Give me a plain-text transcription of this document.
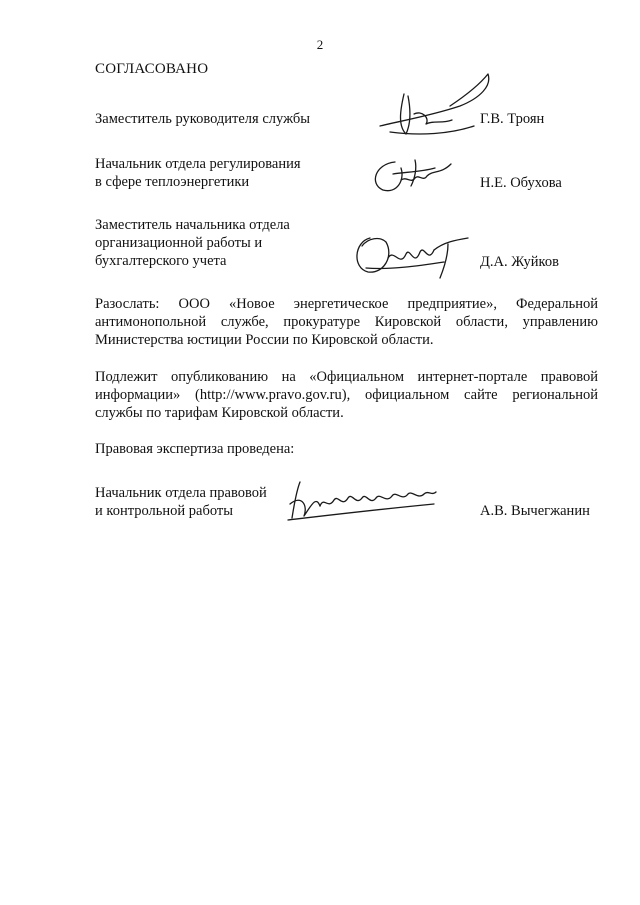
2
СОГЛАСОВАНО
Заместитель руководителя службы	Г.В. Троян
Начальник отдела регулирования
в сфере теплоэнергетики	Н.Е. Обухова
Заместитель начальника отдела
организационной работы и
бухгалтерского учета	Д.А. Жуйков

Разослать: ООО «Новое энергетическое предприятие», Федеральной антимонопольной службе, прокуратуре Кировской области, управлению Министерства юстиции России по Кировской области.

Подлежит опубликованию на «Официальном интернет-портале правовой информации» (http://www.pravo.gov.ru), официальном сайте региональной службы по тарифам Кировской области.

Правовая экспертиза проведена:
Начальник отдела правовой
и контрольной работы	А.В. Вычегжанин
